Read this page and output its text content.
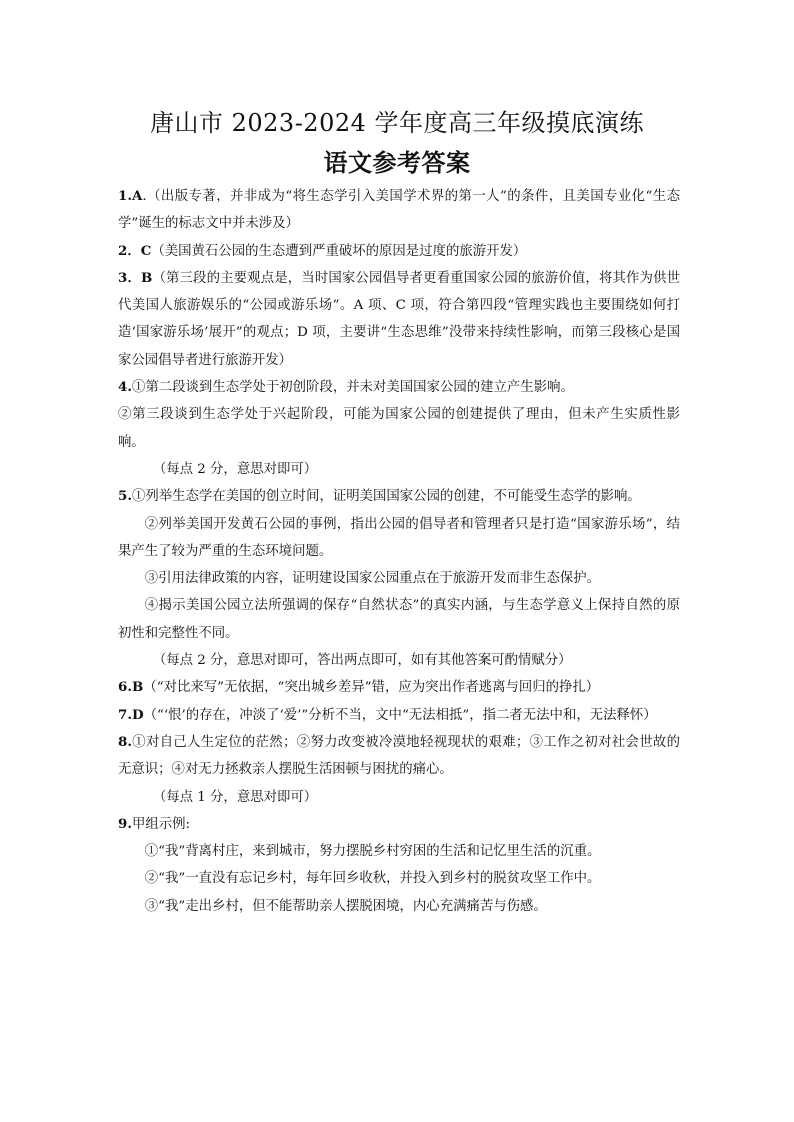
唐山市 2023-2024 学年度高三年级摸底演练
语文参考答案

1.A.（出版专著，并非成为“将生态学引入美国学术界的第一人”的条件，且美国专业化“生态学”诞生的标志文中并未涉及）

2．C（美国黄石公园的生态遭到严重破坏的原因是过度的旅游开发）

3．B（第三段的主要观点是，当时国家公园倡导者更看重国家公园的旅游价值，将其作为供世代美国人旅游娱乐的“公园或游乐场”。A 项、C 项，符合第四段“管理实践也主要围绕如何打造‘国家游乐场’展开”的观点；D 项，主要讲“生态思维”没带来持续性影响，而第三段核心是国家公园倡导者进行旅游开发）

4.①第二段谈到生态学处于初创阶段，并未对美国国家公园的建立产生影响。

②第三段谈到生态学处于兴起阶段，可能为国家公园的创建提供了理由，但未产生实质性影响。

（每点 2 分，意思对即可）

5.①列举生态学在美国的创立时间，证明美国国家公园的创建，不可能受生态学的影响。

②列举美国开发黄石公园的事例，指出公园的倡导者和管理者只是打造“国家游乐场”，结果产生了较为严重的生态环境问题。

③引用法律政策的内容，证明建设国家公园重点在于旅游开发而非生态保护。

④揭示美国公园立法所强调的保存“自然状态”的真实内涵，与生态学意义上保持自然的原初性和完整性不同。

（每点 2 分，意思对即可，答出两点即可，如有其他答案可酌情赋分）

6.B（“对比来写”无依据，“突出城乡差异”错，应为突出作者逃离与回归的挣扎）

7.D（“‘恨’的存在，冲淡了‘爱’”分析不当，文中“无法相抵”，指二者无法中和，无法释怀）

8.①对自己人生定位的茫然；②努力改变被冷漠地轻视现状的艰难；③工作之初对社会世故的无意识；④对无力拯救亲人摆脱生活困顿与困扰的痛心。

（每点 1 分，意思对即可）

9.甲组示例:

①“我”背离村庄，来到城市，努力摆脱乡村穷困的生活和记忆里生活的沉重。

②“我”一直没有忘记乡村，每年回乡收秋，并投入到乡村的脱贫攻坚工作中。

③“我”走出乡村，但不能帮助亲人摆脱困境，内心充满痛苦与伤感。
